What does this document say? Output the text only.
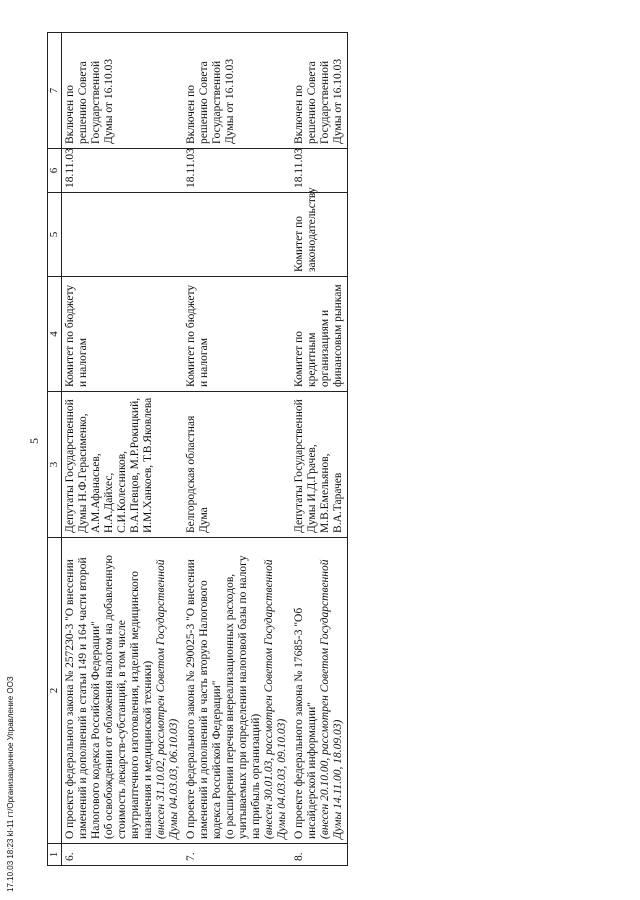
5
1	2	3	4	5	6	7
6.	О проекте федерального закона № 257230-3 "О внесении изменений и дополнений в статьи 149 и 164 части второй Налогового кодекса Российской Федерации" (об освобождении от обложения налогом на добавленную стоимость лекарств-субстанций, в том числе внутриаптечного изготовления, изделий медицинского назначения и медицинской техники) (внесен 31.10.02, рассмотрен Советом Государственной Думы 04.03.03, 06.10.03)	Депутаты Государственной Думы Н.Ф.Герасименко, А.М.Афанасьев, Н.А.Дайхес, С.И.Колесников, В.А.Певцов, М.Р.Рокицкий, И.М.Ханкоев, Т.В.Яковлева	Комитет по бюджету и налогам		18.11.03	Включен по решению Совета Государственной Думы от 16.10.03
7.	О проекте федерального закона № 290025-3 "О внесении изменений и дополнений в часть вторую Налогового кодекса Российской Федерации" (о расширении перечня внереализационных расходов, учитываемых при определении налоговой базы по налогу на прибыль организаций) (внесен 30.01.03, рассмотрен Советом Государственной Думы 04.03.03, 09.10.03)	Белгородская областная Дума	Комитет по бюджету и налогам		18.11.03	Включен по решению Совета Государственной Думы от 16.10.03
8.	О проекте федерального закона № 17685-3 "Об инсайдерской информации" (внесен 20.10.00, рассмотрен Советом Государственной Думы 14.11.00, 18.09.03)	Депутаты Государственной Думы И.Д.Грачев, М.В.Емельянов, В.А.Тарачев	Комитет по кредитным организациям и финансовым рынкам	Комитет по законодательству	18.11.03	Включен по решению Совета Государственной Думы от 16.10.03
17.10.03 18:23 kl-11 гт/Организационное Управление ООЗ
